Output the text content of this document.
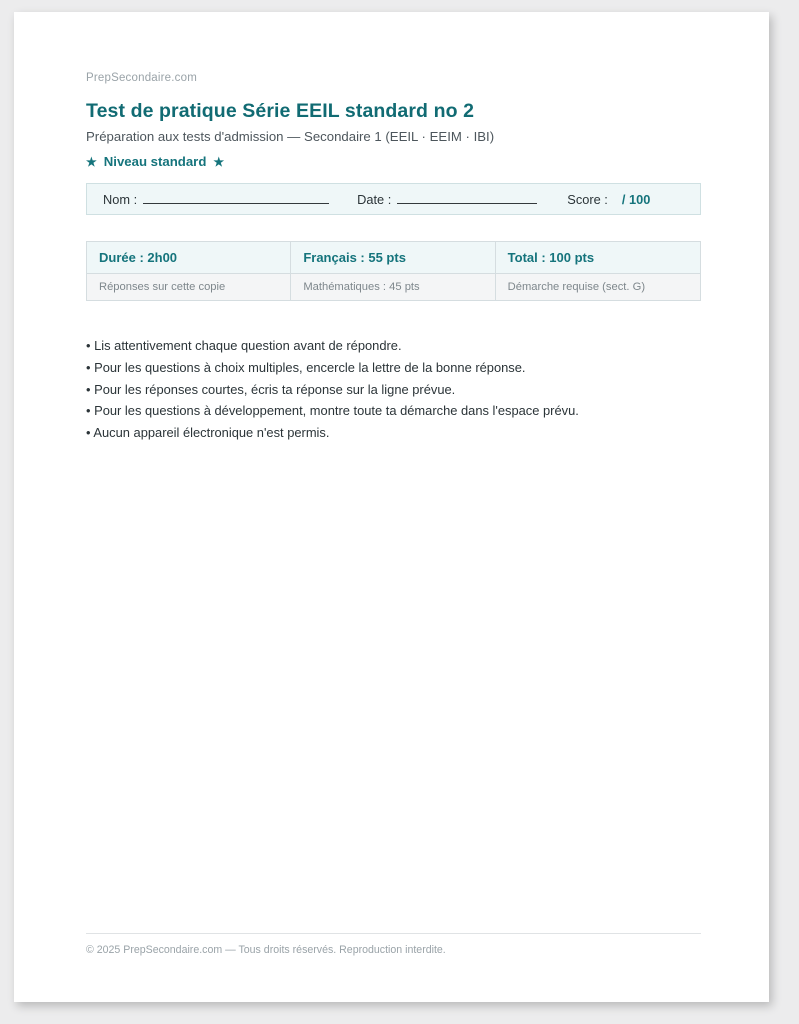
PrepSecondaire.com
Test de pratique Série EEIL standard no 2
Préparation aux tests d'admission — Secondaire 1 (EEIL · EEIM · IBI)
★ Niveau standard ★
Nom :	Date :	Score : / 100
Durée : 2h00
Réponses sur cette copie
Français : 55 pts
Mathématiques : 45 pts
Total : 100 pts
Démarche requise (sect. G)
• Lis attentivement chaque question avant de répondre.
• Pour les questions à choix multiples, encercle la lettre de la bonne réponse.
• Pour les réponses courtes, écris ta réponse sur la ligne prévue.
• Pour les questions à développement, montre toute ta démarche dans l'espace prévu.
• Aucun appareil électronique n'est permis.
© 2025 PrepSecondaire.com — Tous droits réservés. Reproduction interdite.
